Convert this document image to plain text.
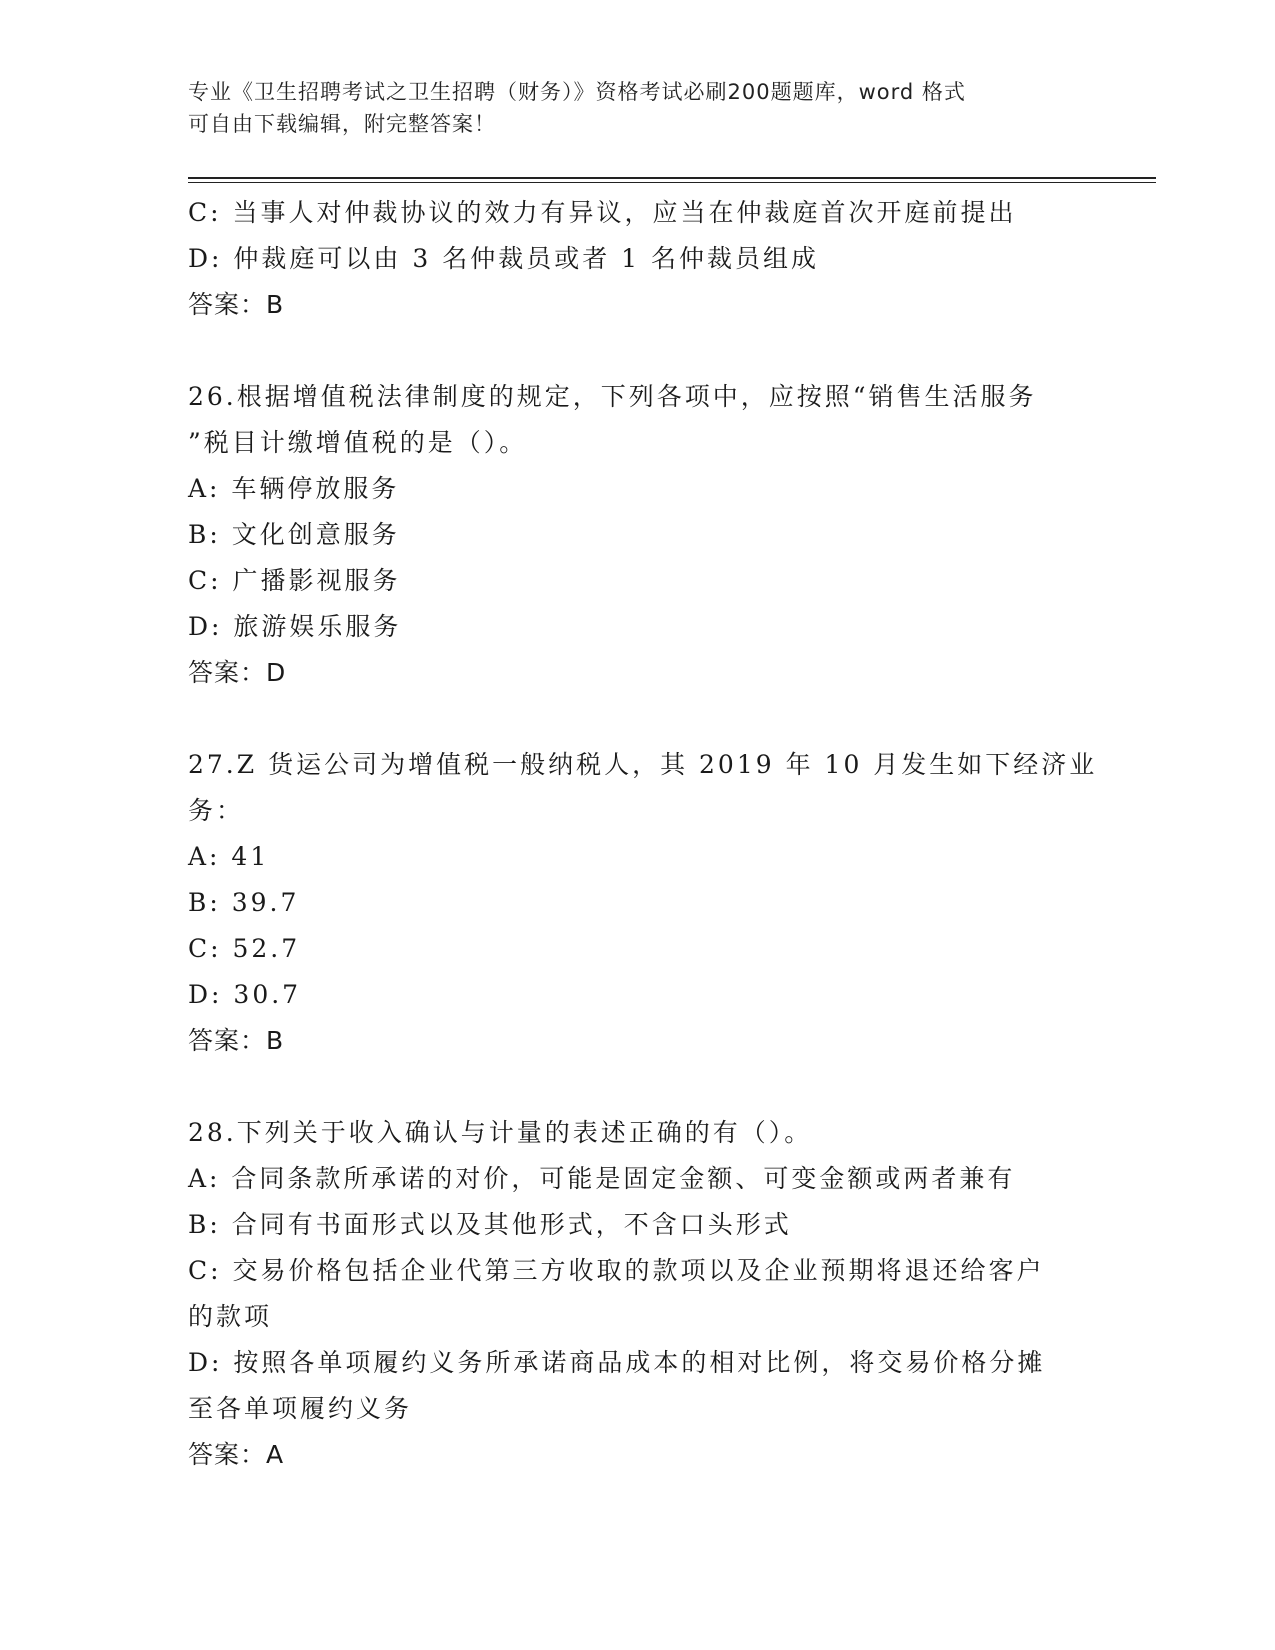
专业《卫生招聘考试之卫生招聘（财务）》资格考试必刷200题题库，word 格式

可自由下载编辑，附完整答案！

C: 当事人对仲裁协议的效力有异议，应当在仲裁庭首次开庭前提出

D: 仲裁庭可以由 3 名仲裁员或者 1 名仲裁员组成

答案：B

26.根据增值税法律制度的规定，下列各项中，应按照“销售生活服务

”税目计缴增值税的是（）。

A: 车辆停放服务

B: 文化创意服务

C: 广播影视服务

D: 旅游娱乐服务

答案：D

27.Z 货运公司为增值税一般纳税人，其 2019 年 10 月发生如下经济业

务：

A: 41

B: 39.7

C: 52.7

D: 30.7

答案：B

28.下列关于收入确认与计量的表述正确的有（）。

A: 合同条款所承诺的对价，可能是固定金额、可变金额或两者兼有

B: 合同有书面形式以及其他形式，不含口头形式

C: 交易价格包括企业代第三方收取的款项以及企业预期将退还给客户

的款项

D: 按照各单项履约义务所承诺商品成本的相对比例，将交易价格分摊

至各单项履约义务

答案：A
